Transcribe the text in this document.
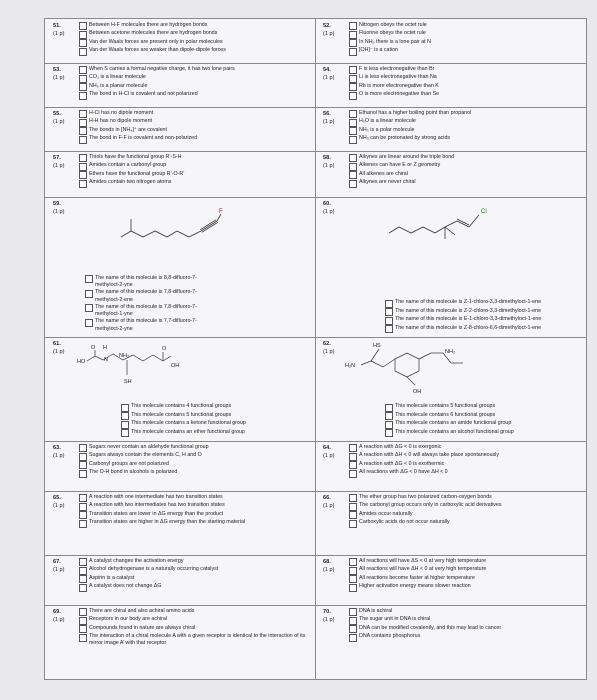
51.
(1 p)
Between H-F molecules there are hydrogen bonds
Between acetone molecules there are hydrogen bonds
Van der Waals forces are present only in polar molecules
Van der Waals forces are weaker than dipole-dipole forces
52.
(1 p)
Nitrogen obeys the octet rule
Fluorine obeys the octet rule
In NH₃ there is a lone pair at N
[OH]⁻ is a cation
53.
(1 p)
When S carries a formal negative charge, it has two lone pairs
CO₂ is a linear molecule
NH₃ is a planar molecule
The bond in H-Cl is covalent and not polarized
54.
(1 p)
F is less electronegative than Br
Li is less electronegative than Na
Rb is more electronegative than K
O is more electronegative than Se
55.
(1 p)
H-Cl has no dipole moment
H-H has no dipole moment
The bonds in [NH₄]⁺ are covalent
The bond in F-F is covalent and non-polarized
56.
(1 p)
Ethanol has a higher boiling point than propanol
H₂O is a linear molecule
NH₃ is a polar molecule
NH₃ can be protonated by strong acids
57.
(1 p)
Thiols have the functional group R’-S-H
Amides contain a carbonyl group
Ethers have the functional group R’-O-R’
Amides contain two nitrogen atoms
58.
(1 p)
Alkynes are linear around the triple bond
Alkenes can have E or Z geometry
All alkenes are chiral
Alkynes are never chiral
59.
(1 p)	F
The name of this molecule is 8,8-difluoro-7-methyloct-2-yne
The name of this molecule is 7,8-difluoro-7-methyloct-2-ene
The name of this molecule is 7,8-difluoro-7-methyloct-1-yne
The name of this molecule is 7,7-difluoro-7-methyloct-2-yne
60.
(1 p)	Cl
The name of this molecule is Z-1-chloro-3,3-dimethyloct-1-ene
The name of this molecule is Z-2-chloro-3,3-dimethyloct-1-ene
The name of this molecule is E-1-chloro-3,3-dimethyloct-1-ene
The name of this molecule is Z-8-chloro-6,6-dimethyloct-1-ene
61.
(1 p)
HO
O H
N
NH₂
O
OH
SH
This molecule contains 4 functional groups
This molecule contains 5 functional groups
This molecule contains a ketone functional group
This molecule contains an ether functional group
62.
(1 p)
HS
H₂N
NH₂
OH
This molecule contains 5 functional groups
This molecule contains 6 functional groups
This molecule contains an amide functional group
This molecule contains an alcohol functional group
63.
(1 p)
Sugars never contain an aldehyde functional group
Sugars always contain the elements C, H and O
Carbonyl groups are not polarized
The O-H bond in alcohols is polarized
64.
(1 p)
A reaction with ΔG < 0 is exergonic
A reaction with ΔH < 0 will always take place spontaneously
A reaction with ΔG < 0 is exothermic
All reactions with ΔG < 0 have ΔH < 0
65.
(1 p)
A reaction with one intermediate has two transition states
A reaction with two intermediates has two transition states
Transition states are lower in ΔG energy than the product
Transition states are higher in ΔG energy than the starting material
66.
(1 p)
The ether group has two polarized carbon-oxygen bonds
The carbonyl group occurs only in carboxylic acid derivatives
Amides occur naturally
Carboxylic acids do not occur naturally
67.
(1 p)
A catalyst changes the activation energy
Alcohol dehydrogenase is a naturally occurring catalyst
Aspirin is a catalyst
A catalyst does not change ΔG
68.
(1 p)
All reactions will have ΔS < 0 at very high temperature
All reactions will have ΔH < 0 at very high temperature
All reactions become faster at higher temperature
Higher activation energy means slower reaction
69.
(1 p)
There are chiral and also achiral amino acids
Receptors in our body are achiral
Compounds found in nature are always chiral
The interaction of a chiral molecule A with a given receptor is identical to the interaction of its mirror image A’ with that receptor
70.
(1 p)
DNA is achiral
The sugar unit in DNA is chiral
DNA can be modified covalently, and this may lead to cancer
DNA contains phosphorus
